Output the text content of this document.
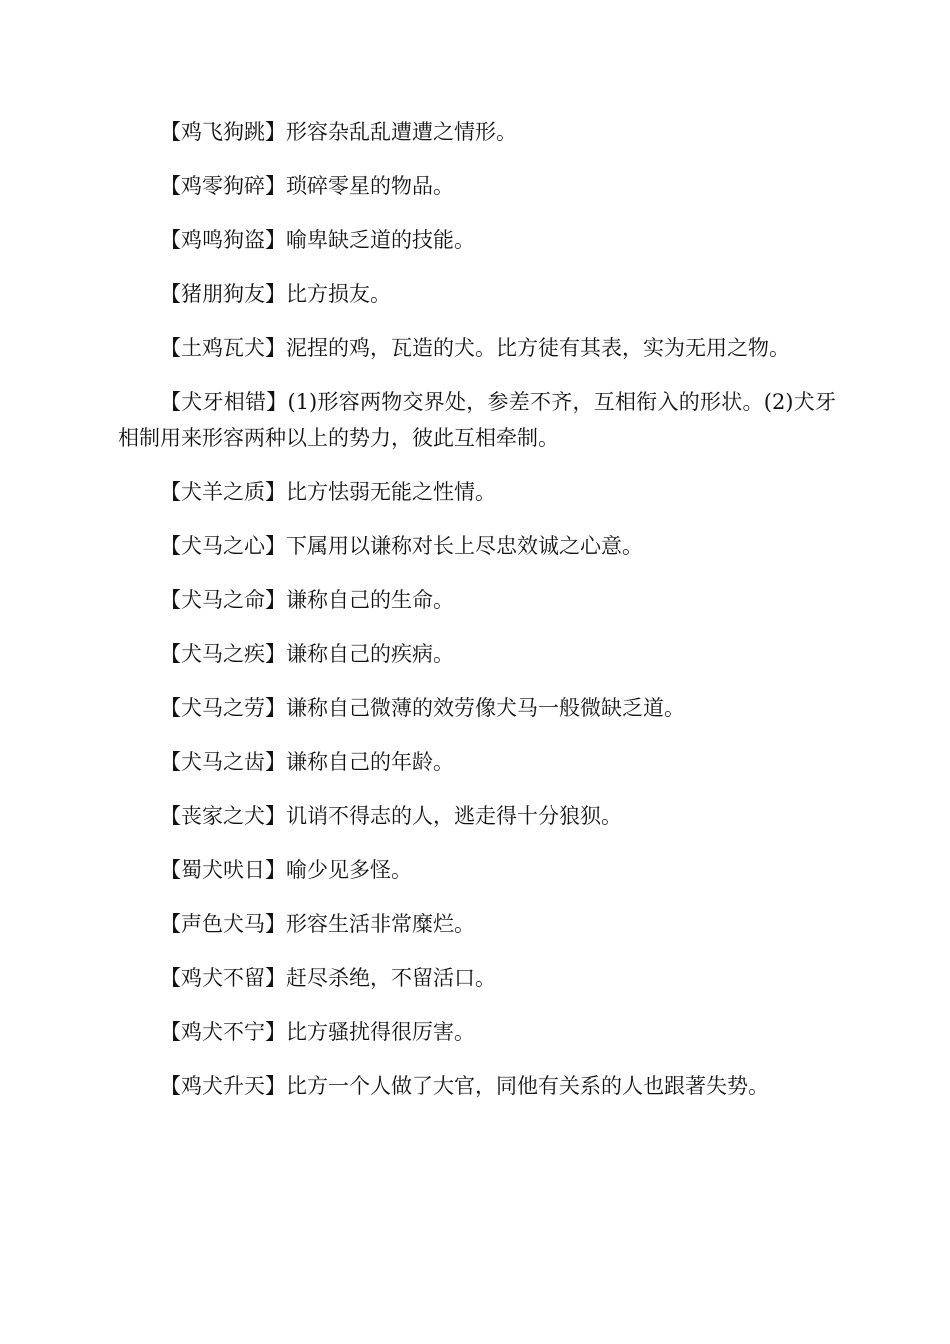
【鸡飞狗跳】形容杂乱乱遭遭之情形。

【鸡零狗碎】琐碎零星的物品。

【鸡鸣狗盗】喻卑缺乏道的技能。

【猪朋狗友】比方损友。

【土鸡瓦犬】泥捏的鸡，瓦造的犬。比方徒有其表，实为无用之物。

【犬牙相错】(1)形容两物交界处，参差不齐，互相衔入的形状。(2)犬牙相制用来形容两种以上的势力，彼此互相牵制。

【犬羊之质】比方怯弱无能之性情。

【犬马之心】下属用以谦称对长上尽忠效诚之心意。

【犬马之命】谦称自己的生命。

【犬马之疾】谦称自己的疾病。

【犬马之劳】谦称自己微薄的效劳像犬马一般微缺乏道。

【犬马之齿】谦称自己的年龄。

【丧家之犬】讥诮不得志的人，逃走得十分狼狈。

【蜀犬吠日】喻少见多怪。

【声色犬马】形容生活非常糜烂。

【鸡犬不留】赶尽杀绝，不留活口。

【鸡犬不宁】比方骚扰得很厉害。

【鸡犬升天】比方一个人做了大官，同他有关系的人也跟著失势。
